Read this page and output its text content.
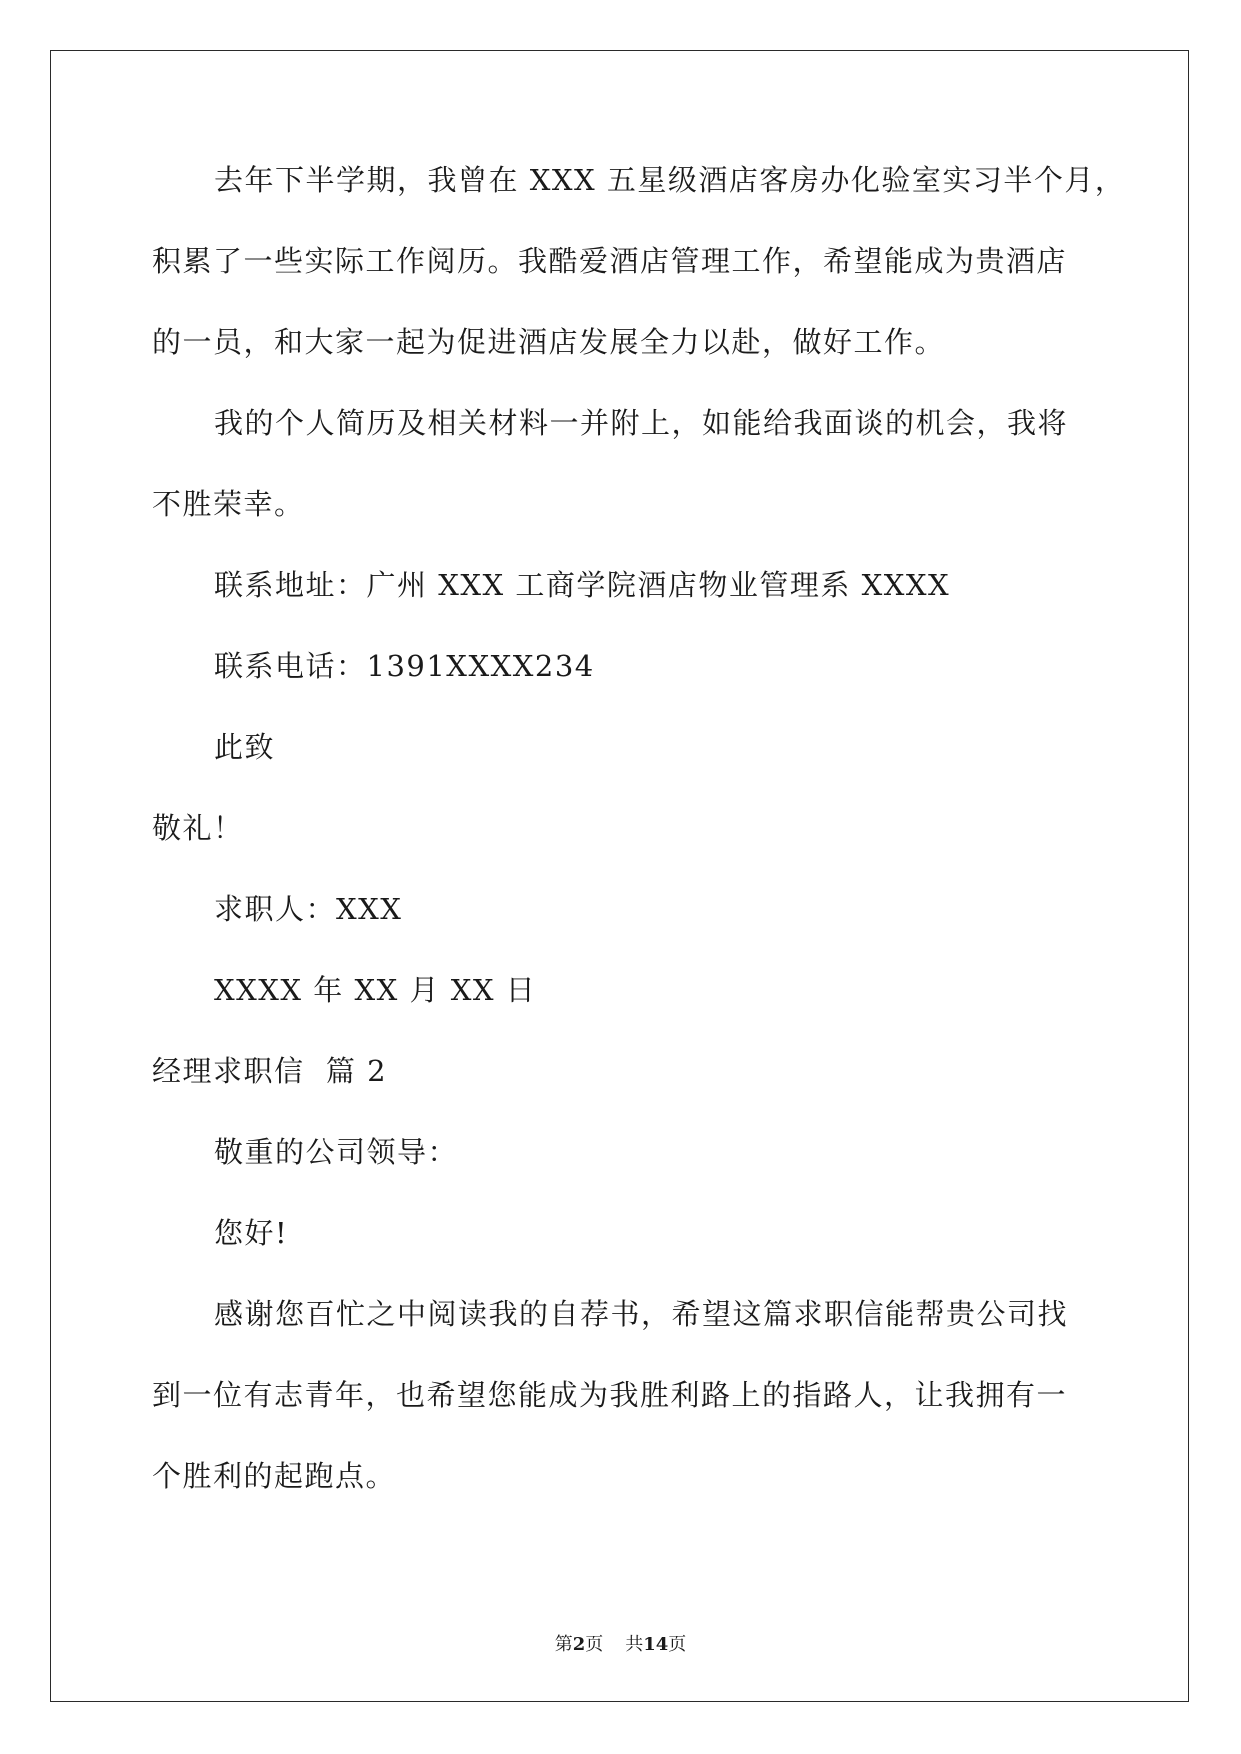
去年下半学期，我曾在 XXX 五星级酒店客房办化验室实习半个月，
积累了一些实际工作阅历。我酷爱酒店管理工作，希望能成为贵酒店
的一员，和大家一起为促进酒店发展全力以赴，做好工作。
我的个人简历及相关材料一并附上，如能给我面谈的机会，我将
不胜荣幸。
联系地址：广州 XXX 工商学院酒店物业管理系 XXXX
联系电话：1391XXXX234
此致
敬礼！
求职人：XXX
XXXX 年 XX 月 XX 日
经理求职信  篇 2
敬重的公司领导：
您好!
感谢您百忙之中阅读我的自荐书，希望这篇求职信能帮贵公司找
到一位有志青年，也希望您能成为我胜利路上的指路人，让我拥有一
个胜利的起跑点。
第2页 共14页
